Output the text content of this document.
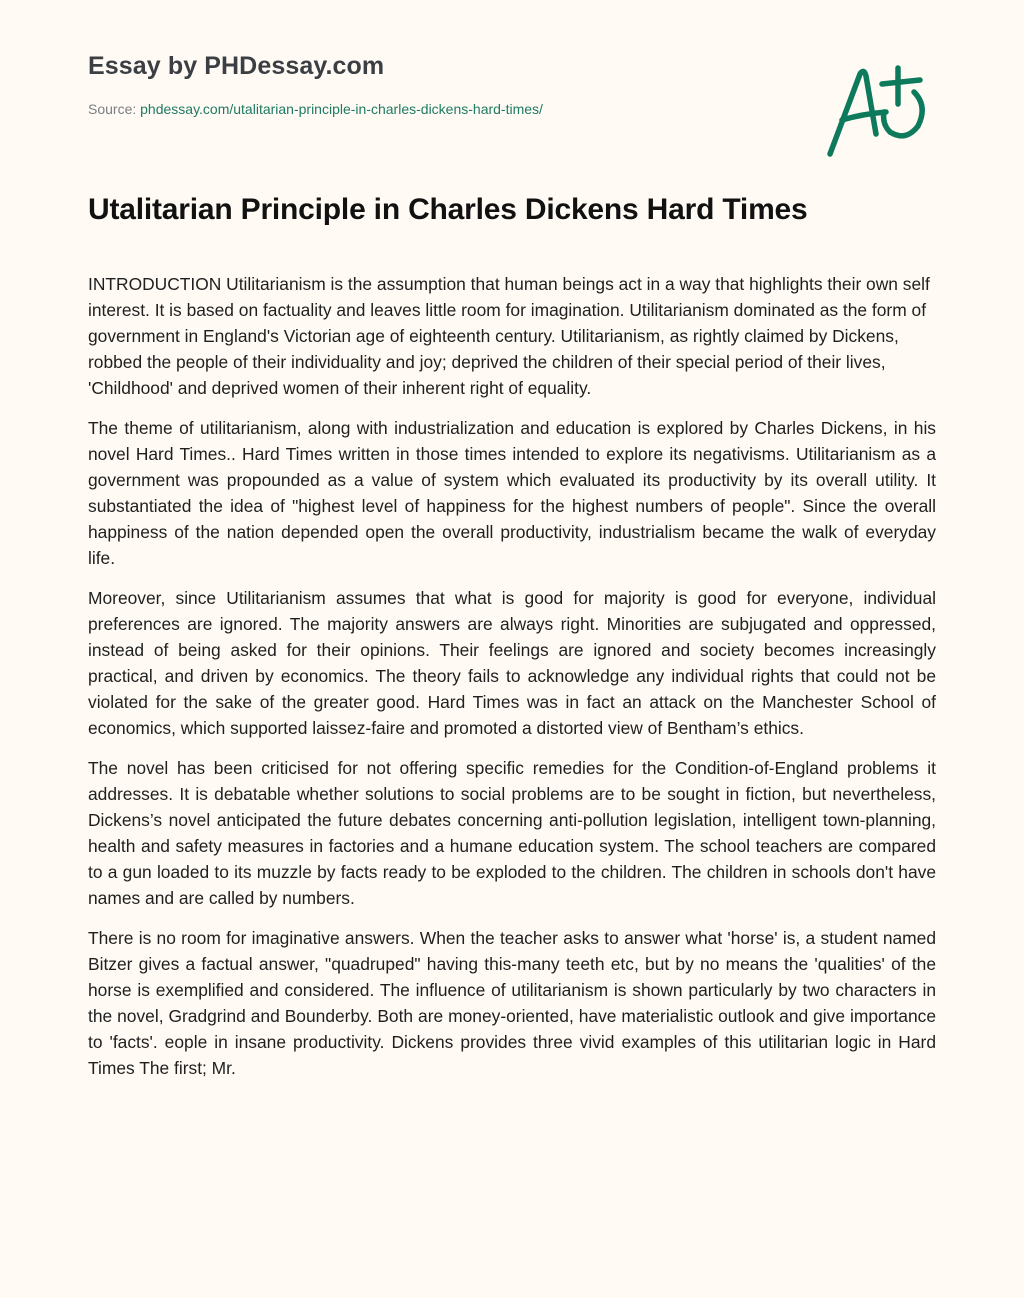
Essay by PHDessay.com
Source: phdessay.com/utalitarian-principle-in-charles-dickens-hard-times/
Utalitarian Principle in Charles Dickens Hard Times

INTRODUCTION Utilitarianism is the assumption that human beings act in a way that highlights their own self interest. It is based on factuality and leaves little room for imagination. Utilitarianism dominated as the form of government in England's Victorian age of eighteenth century. Utilitarianism, as rightly claimed by Dickens, robbed the people of their individuality and joy; deprived the children of their special period of their lives, 'Childhood' and deprived women of their inherent right of equality.

The theme of utilitarianism, along with industrialization and education is explored by Charles Dickens, in his novel Hard Times.. Hard Times written in those times intended to explore its negativisms. Utilitarianism as a government was propounded as a value of system which evaluated its productivity by its overall utility. It substantiated the idea of "highest level of happiness for the highest numbers of people". Since the overall happiness of the nation depended open the overall productivity, industrialism became the walk of everyday life.

Moreover, since Utilitarianism assumes that what is good for majority is good for everyone, individual preferences are ignored. The majority answers are always right. Minorities are subjugated and oppressed, instead of being asked for their opinions. Their feelings are ignored and society becomes increasingly practical, and driven by economics. The theory fails to acknowledge any individual rights that could not be violated for the sake of the greater good. Hard Times was in fact an attack on the Manchester School of economics, which supported laissez-faire and promoted a distorted view of Bentham’s ethics.

The novel has been criticised for not offering specific remedies for the Condition-of-England problems it addresses. It is debatable whether solutions to social problems are to be sought in fiction, but nevertheless, Dickens’s novel anticipated the future debates concerning anti-pollution legislation, intelligent town-planning, health and safety measures in factories and a humane education system. The school teachers are compared to a gun loaded to its muzzle by facts ready to be exploded to the children. The children in schools don't have names and are called by numbers.

There is no room for imaginative answers. When the teacher asks to answer what 'horse' is, a student named Bitzer gives a factual answer, "quadruped" having this-many teeth etc, but by no means the 'qualities' of the horse is exemplified and considered. The influence of utilitarianism is shown particularly by two characters in the novel, Gradgrind and Bounderby. Both are money-oriented, have materialistic outlook and give importance to 'facts'. eople in insane productivity. Dickens provides three vivid examples of this utilitarian logic in Hard Times The first; Mr.
